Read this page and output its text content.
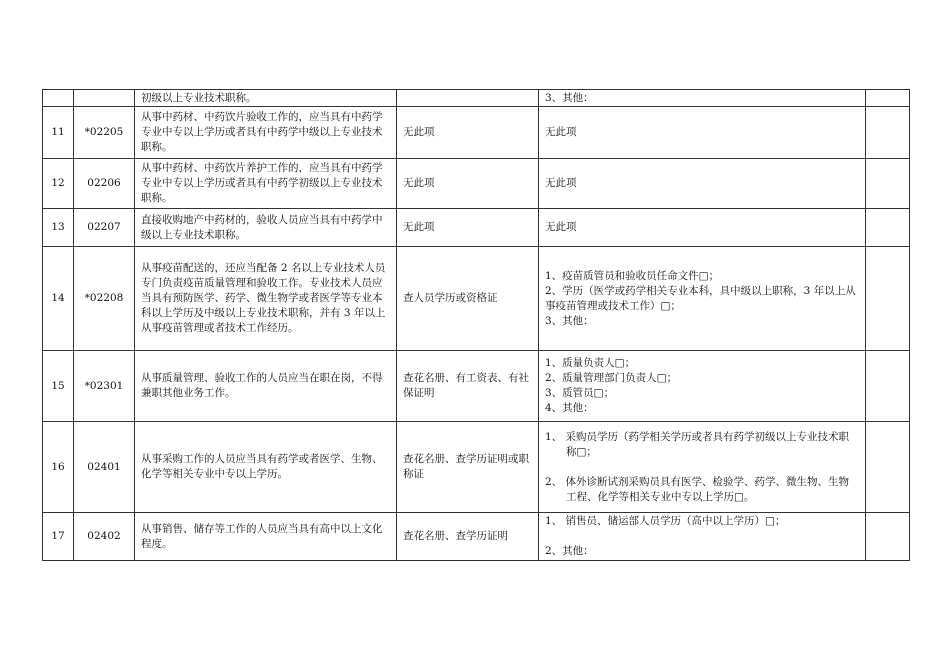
		初级以上专业技术职称。		3、其他：	

11	*02205	从事中药材、中药饮片验收工作的，应当具有中药学专业中专以上学历或者具有中药学中级以上专业技术职称。	无此项	无此项	

12	02206	从事中药材、中药饮片养护工作的，应当具有中药学专业中专以上学历或者具有中药学初级以上专业技术职称。	无此项	无此项	

13	02207	直接收购地产中药材的，验收人员应当具有中药学中级以上专业技术职称。	无此项	无此项	

14	*02208	从事疫苗配送的，还应当配备 2 名以上专业技术人员专门负责疫苗质量管理和验收工作。专业技术人员应当具有预防医学、药学、微生物学或者医学等专业本科以上学历及中级以上专业技术职称，并有 3 年以上从事疫苗管理或者技术工作经历。	查人员学历或资格证	1、疫苗质管员和验收员任命文件□；
2、学历（医学或药学相关专业本科，具中级以上职称，3 年以上从事疫苗管理或技术工作）□；
3、其他：	

15	*02301	从事质量管理、验收工作的人员应当在职在岗，不得兼职其他业务工作。	查花名册、有工资表、有社保证明	1、质量负责人□；
2、质量管理部门负责人□；
3、质管员□；
4、其他：	

16	02401	从事采购工作的人员应当具有药学或者医学、生物、化学等相关专业中专以上学历。	查花名册、查学历证明或职称证	1、 采购员学历（药学相关学历或者具有药学初级以上专业技术职称□；
2、 体外诊断试剂采购员具有医学、检验学、药学、微生物、生物工程、化学等相关专业中专以上学历□。	

17	02402	从事销售、储存等工作的人员应当具有高中以上文化程度。	查花名册、查学历证明	1、 销售员、储运部人员学历（高中以上学历）□；
2、其他：	
